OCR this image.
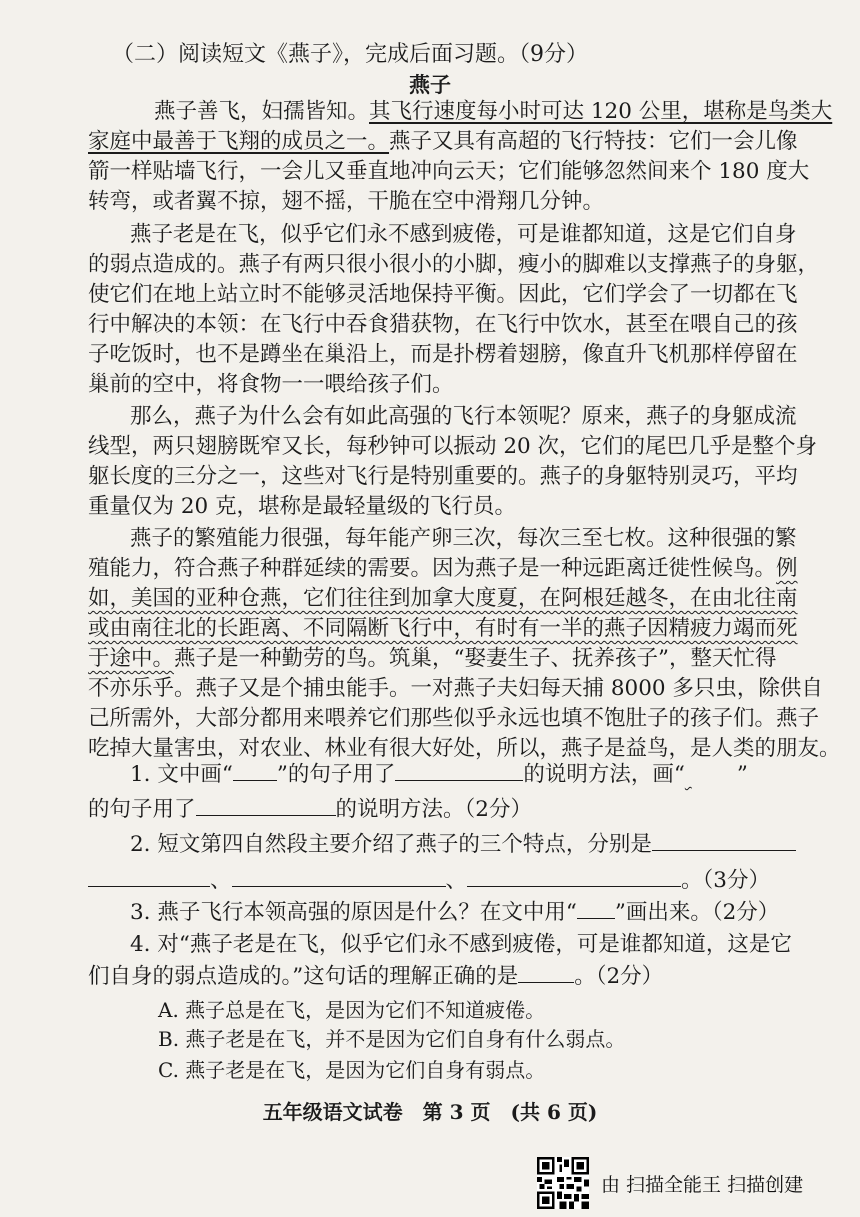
（二）阅读短文《燕子》，完成后面习题。（9分）
燕子
燕子善飞，妇孺皆知。其飞行速度每小时可达 120 公里，堪称是鸟类大
家庭中最善于飞翔的成员之一。燕子又具有高超的飞行特技：它们一会儿像
箭一样贴墙飞行，一会儿又垂直地冲向云天；它们能够忽然间来个 180 度大
转弯，或者翼不掠，翅不摇，干脆在空中滑翔几分钟。
燕子老是在飞，似乎它们永不感到疲倦，可是谁都知道，这是它们自身
的弱点造成的。燕子有两只很小很小的小脚，瘦小的脚难以支撑燕子的身躯，
使它们在地上站立时不能够灵活地保持平衡。因此，它们学会了一切都在飞
行中解决的本领：在飞行中吞食猎获物，在飞行中饮水，甚至在喂自己的孩
子吃饭时，也不是蹲坐在巢沿上，而是扑楞着翅膀，像直升飞机那样停留在
巢前的空中，将食物一一喂给孩子们。
那么，燕子为什么会有如此高强的飞行本领呢？原来，燕子的身躯成流
线型，两只翅膀既窄又长，每秒钟可以振动 20 次，它们的尾巴几乎是整个身
躯长度的三分之一，这些对飞行是特别重要的。燕子的身躯特别灵巧，平均
重量仅为 20 克，堪称是最轻量级的飞行员。
燕子的繁殖能力很强，每年能产卵三次，每次三至七枚。这种很强的繁
殖能力，符合燕子种群延续的需要。因为燕子是一种远距离迁徙性候鸟。例
如，美国的亚种仓燕，它们往往到加拿大度夏，在阿根廷越冬，在由北往南
或由南往北的长距离、不同隔断飞行中，有时有一半的燕子因精疲力竭而死
于途中。燕子是一种勤劳的鸟。筑巢，“娶妻生子、抚养孩子”，整天忙得
不亦乐乎。燕子又是个捕虫能手。一对燕子夫妇每天捕 8000 多只虫，除供自
己所需外，大部分都用来喂养它们那些似乎永远也填不饱肚子的孩子们。燕子
吃掉大量害虫，对农业、林业有很大好处，所以，燕子是益鸟，是人类的朋友。
1. 文中画“ ”的句子用了	的说明方法，画“ ”
的句子用了	的说明方法。（2分）
2. 短文第四自然段主要介绍了燕子的三个特点，分别是
、	、	。（3分）
3. 燕子飞行本领高强的原因是什么？在文中用“ ”画出来。（2分）
4. 对“燕子老是在飞，似乎它们永不感到疲倦，可是谁都知道，这是它
们自身的弱点造成的。”这句话的理解正确的是	。（2分）
A. 燕子总是在飞，是因为它们不知道疲倦。
B. 燕子老是在飞，并不是因为它们自身有什么弱点。
C. 燕子老是在飞，是因为它们自身有弱点。
五年级语文试卷　第 3 页　(共 6 页)
由 扫描全能王 扫描创建
